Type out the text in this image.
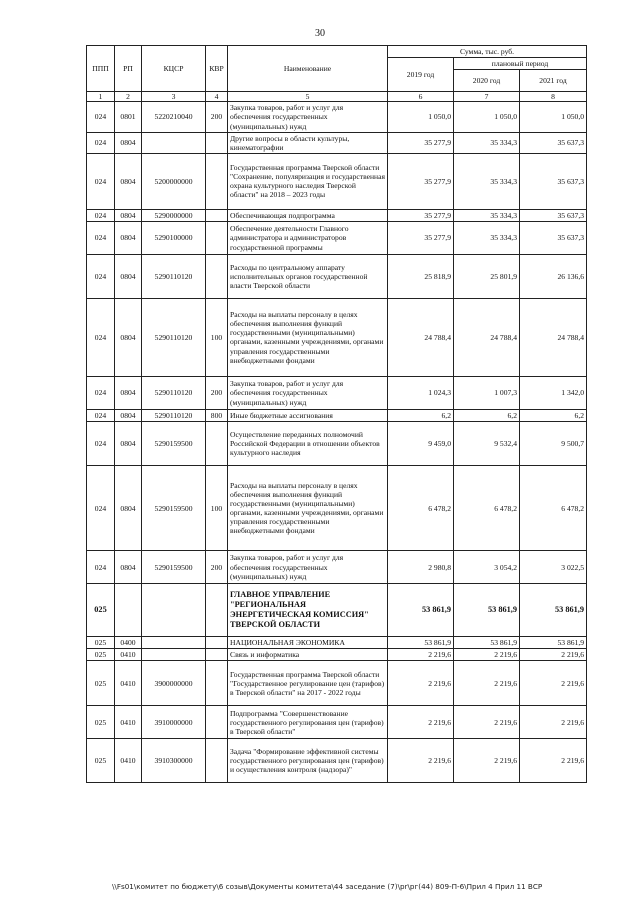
30
ППП	РП	КЦСР	КВР	Наименование	Сумма, тыс. руб.		
					2019 год	плановый период	
						2020 год	2021 год
1	2	3	4	5	6	7	8
024	0801	5220210040	200	Закупка товаров, работ и услуг для обеспечения государственных (муниципальных) нужд	1 050,0	1 050,0	1 050,0
024	0804			Другие вопросы в области культуры, кинематографии	35 277,9	35 334,3	35 637,3
024	0804	5200000000		Государственная программа Тверской области "Сохранение, популяризация и государственная охрана культурного наследия Тверской области" на 2018 – 2023 годы	35 277,9	35 334,3	35 637,3
024	0804	5290000000		Обеспечивающая подпрограмма	35 277,9	35 334,3	35 637,3
024	0804	5290100000		Обеспечение деятельности Главного администратора и администраторов государственной программы	35 277,9	35 334,3	35 637,3
024	0804	5290110120		Расходы по центральному аппарату исполнительных органов государственной власти Тверской области	25 818,9	25 801,9	26 136,6
024	0804	5290110120	100	Расходы на выплаты персоналу в целях обеспечения выполнения функций государственными (муниципальными) органами, казенными учреждениями, органами управления государственными внебюджетными фондами	24 788,4	24 788,4	24 788,4
024	0804	5290110120	200	Закупка товаров, работ и услуг для обеспечения государственных (муниципальных) нужд	1 024,3	1 007,3	1 342,0
024	0804	5290110120	800	Иные бюджетные ассигнования	6,2	6,2	6,2
024	0804	5290159500		Осуществление переданных полномочий Российской Федерации в отношении объектов культурного наследия	9 459,0	9 532,4	9 500,7
024	0804	5290159500	100	Расходы на выплаты персоналу в целях обеспечения выполнения функций государственными (муниципальными) органами, казенными учреждениями, органами управления государственными внебюджетными фондами	6 478,2	6 478,2	6 478,2
024	0804	5290159500	200	Закупка товаров, работ и услуг для обеспечения государственных (муниципальных) нужд	2 980,8	3 054,2	3 022,5
025				ГЛАВНОЕ УПРАВЛЕНИЕ "РЕГИОНАЛЬНАЯ ЭНЕРГЕТИЧЕСКАЯ КОМИССИЯ" ТВЕРСКОЙ ОБЛАСТИ	53 861,9	53 861,9	53 861,9
025	0400			НАЦИОНАЛЬНАЯ ЭКОНОМИКА	53 861,9	53 861,9	53 861,9
025	0410			Связь и информатика	2 219,6	2 219,6	2 219,6
025	0410	3900000000		Государственная программа Тверской области "Государственное регулирование цен (тарифов) в Тверской области" на 2017 - 2022 годы	2 219,6	2 219,6	2 219,6
025	0410	3910000000		Подпрограмма "Совершенствование государственного регулирования цен (тарифов) в Тверской области"	2 219,6	2 219,6	2 219,6
025	0410	3910300000		Задача "Формирование эффективной системы государственного регулирования цен (тарифов) и осуществления контроля (надзора)"	2 219,6	2 219,6	2 219,6
\\Fs01\комитет по бюджету\6 созыв\Документы комитета\44 заседание (7)\pr\рг(44) 809-П-6\Прил 4 Прил 11 ВСР
